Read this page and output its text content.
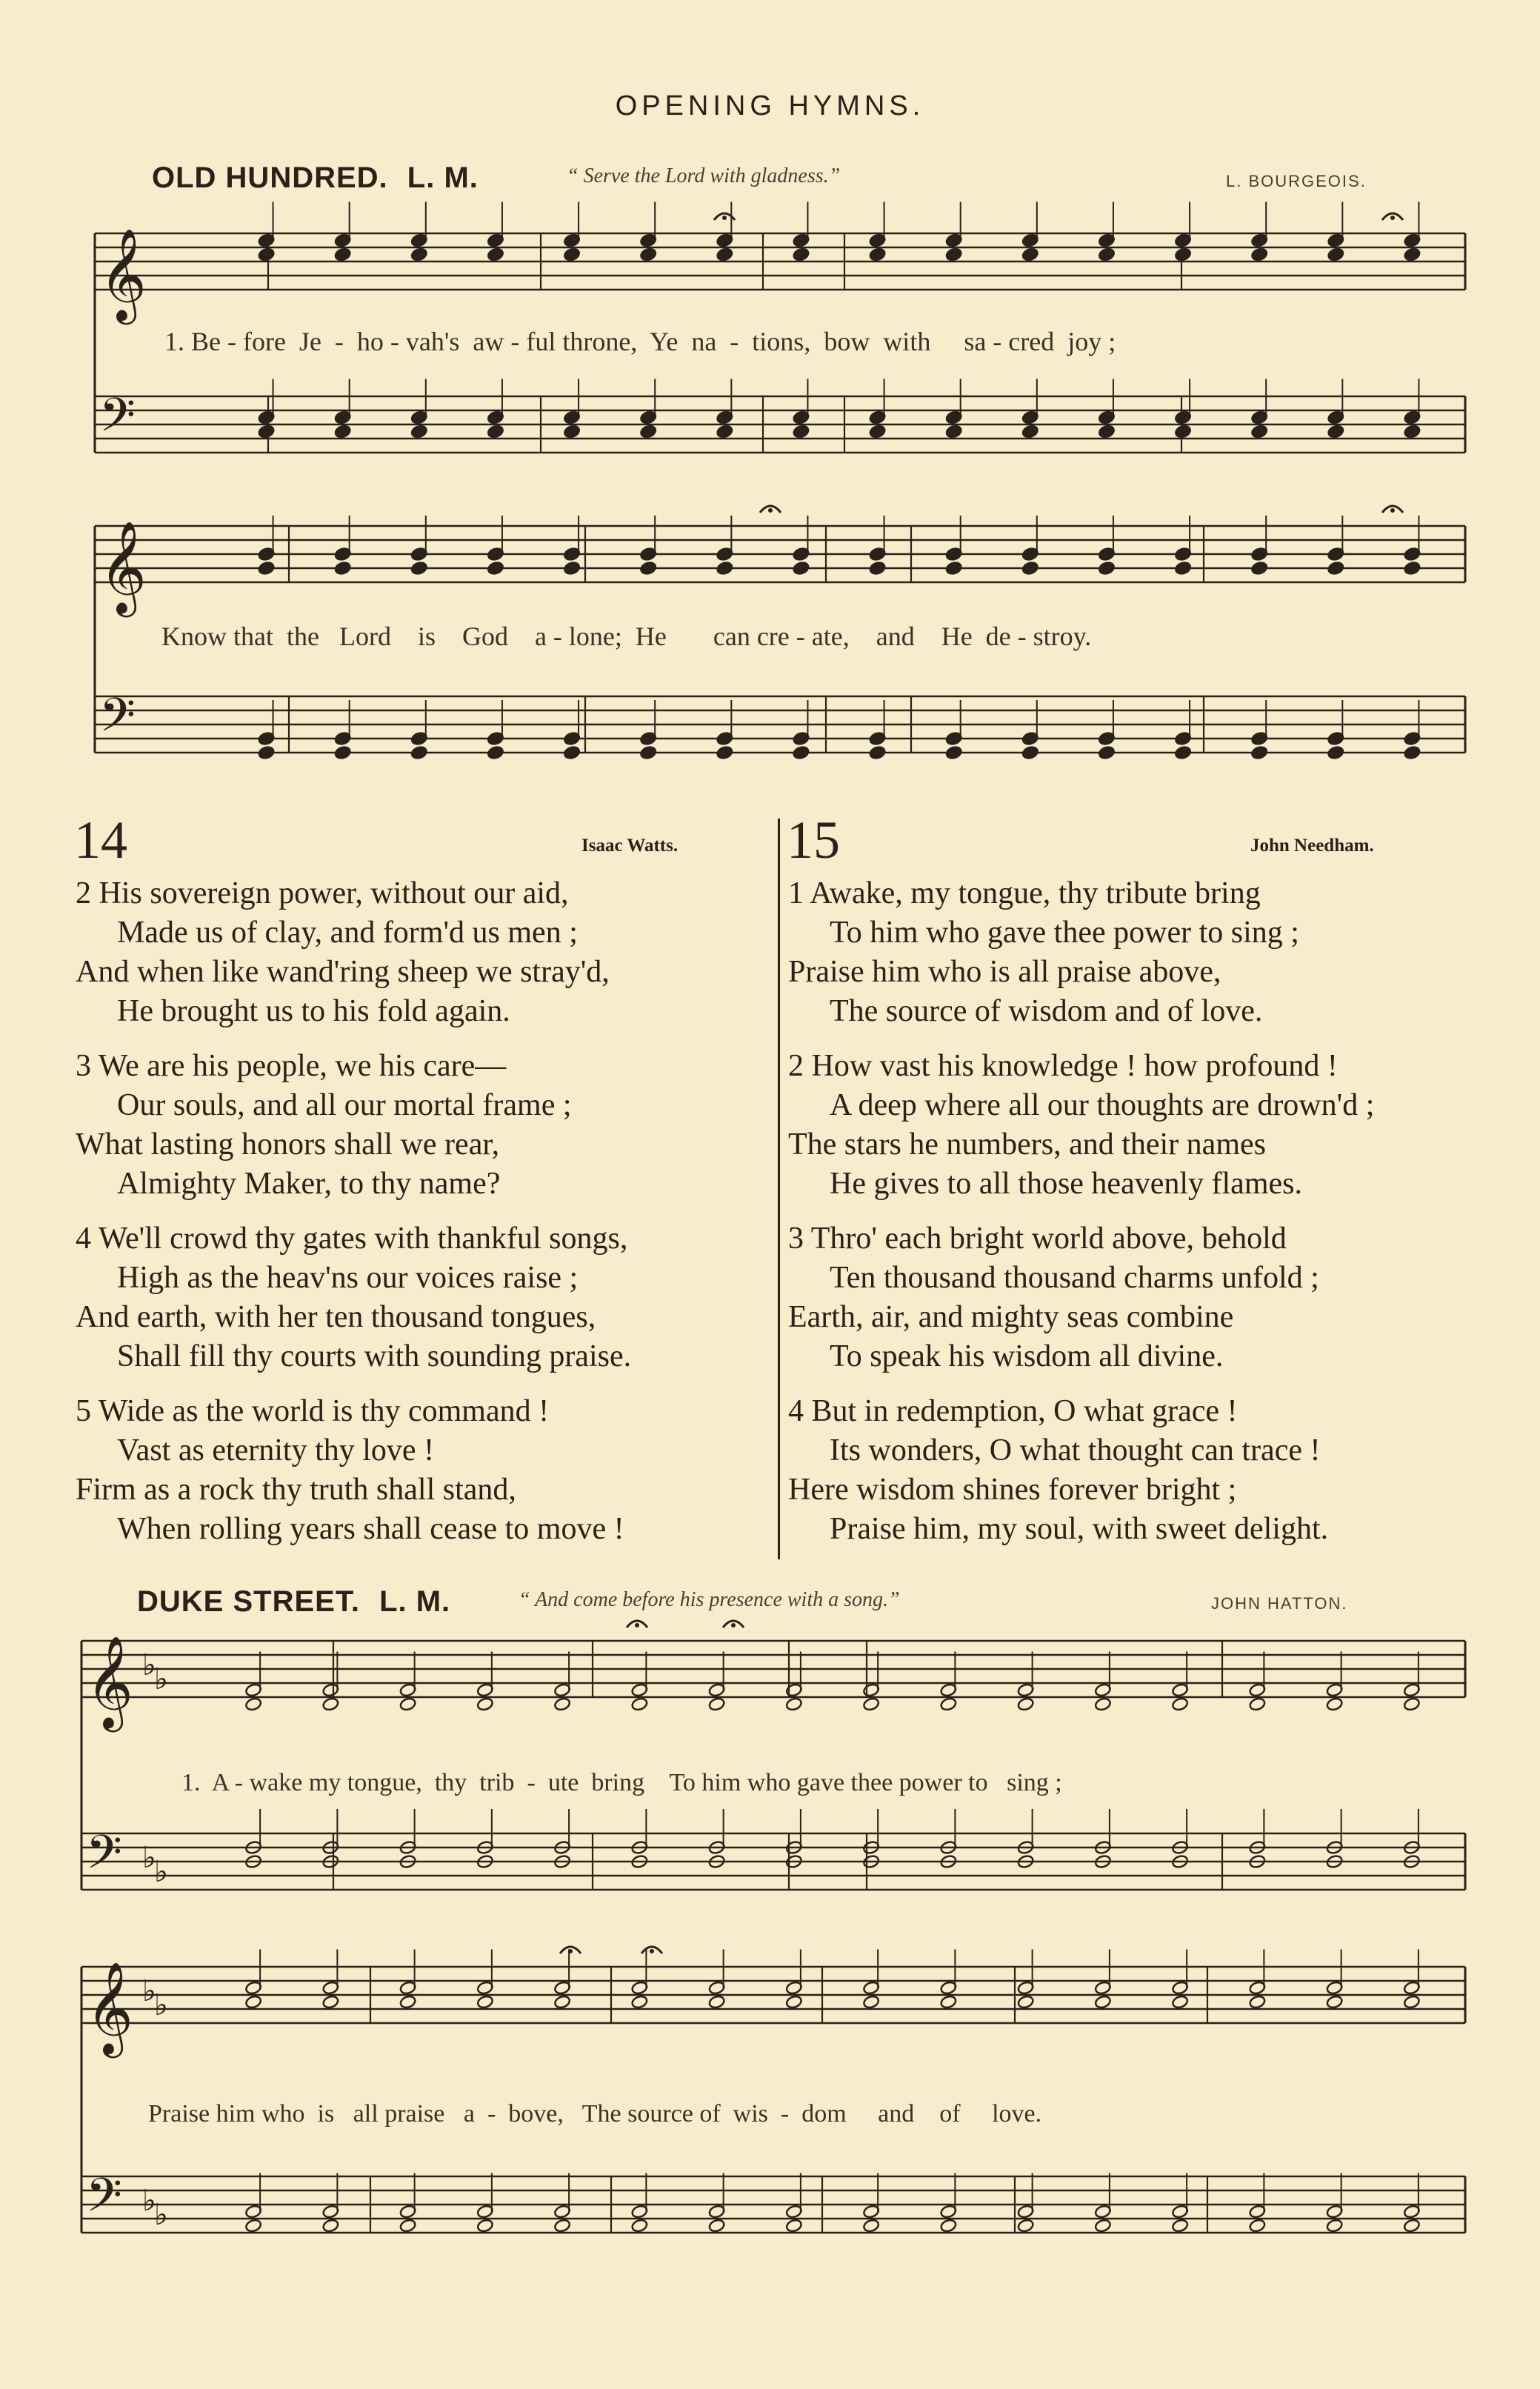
OPENING HYMNS.
OLD HUNDRED. L. M.	“ Serve the Lord with gladness.”	L. BOURGEOIS.
DUKE STREET. L. M.	“ And come before his presence with a song.”	JOHN HATTON.
𝄞
𝄢
𝄞
𝄢
𝄞 ♭
♭
𝄢 ♭
♭
𝄞 ♭
♭
𝄢 ♭
♭
1. Be - fore  Je  -  ho - vah's  aw - ful throne,  Ye  na  -  tions,  bow  with     sa - cred  joy ;
Know that  the   Lord    is    God    a - lone;  He       can cre - ate,    and    He  de - stroy.
1.  A - wake my tongue,  thy  trib  -  ute  bring    To him who gave thee power to   sing ;
Praise him who  is   all praise   a  -  bove,   The source of  wis  -  dom     and    of     love.
14	Isaac Watts.
2 His sovereign power, without our aid,
Made us of clay, and form'd us men ;
And when like wand'ring sheep we stray'd,
He brought us to his fold again.
3 We are his people, we his care—
Our souls, and all our mortal frame ;
What lasting honors shall we rear,
Almighty Maker, to thy name?
4 We'll crowd thy gates with thankful songs,
High as the heav'ns our voices raise ;
And earth, with her ten thousand tongues,
Shall fill thy courts with sounding praise.
5 Wide as the world is thy command !
Vast as eternity thy love !
Firm as a rock thy truth shall stand,
When rolling years shall cease to move !
15	John Needham.
1 Awake, my tongue, thy tribute bring
To him who gave thee power to sing ;
Praise him who is all praise above,
The source of wisdom and of love.
2 How vast his knowledge ! how profound !
A deep where all our thoughts are drown'd ;
The stars he numbers, and their names
He gives to all those heavenly flames.
3 Thro' each bright world above, behold
Ten thousand thousand charms unfold ;
Earth, air, and mighty seas combine
To speak his wisdom all divine.
4 But in redemption, O what grace !
Its wonders, O what thought can trace !
Here wisdom shines forever bright ;
Praise him, my soul, with sweet delight.
